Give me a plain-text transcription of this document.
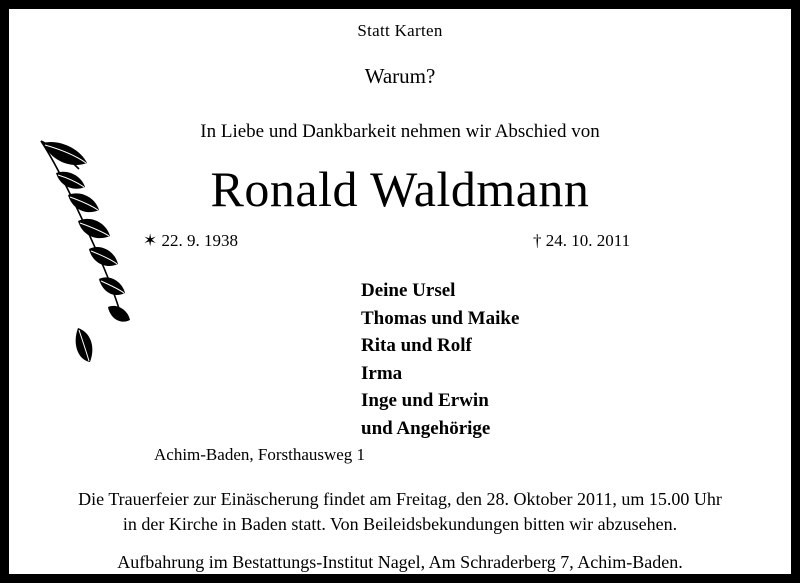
Statt Karten
Warum?
In Liebe und Dankbarkeit nehmen wir Abschied von
Ronald Waldmann
✶ 22. 9. 1938	† 24. 10. 2011
Deine Ursel
Thomas und Maike
Rita und Rolf
Irma
Inge und Erwin
und Angehörige
Achim-Baden, Forsthausweg 1
Die Trauerfeier zur Einäscherung findet am Freitag, den 28. Oktober 2011, um 15.00 Uhr
in der Kirche in Baden statt. Von Beileidsbekundungen bitten wir abzusehen.
Aufbahrung im Bestattungs-Institut Nagel, Am Schraderberg 7, Achim-Baden.
